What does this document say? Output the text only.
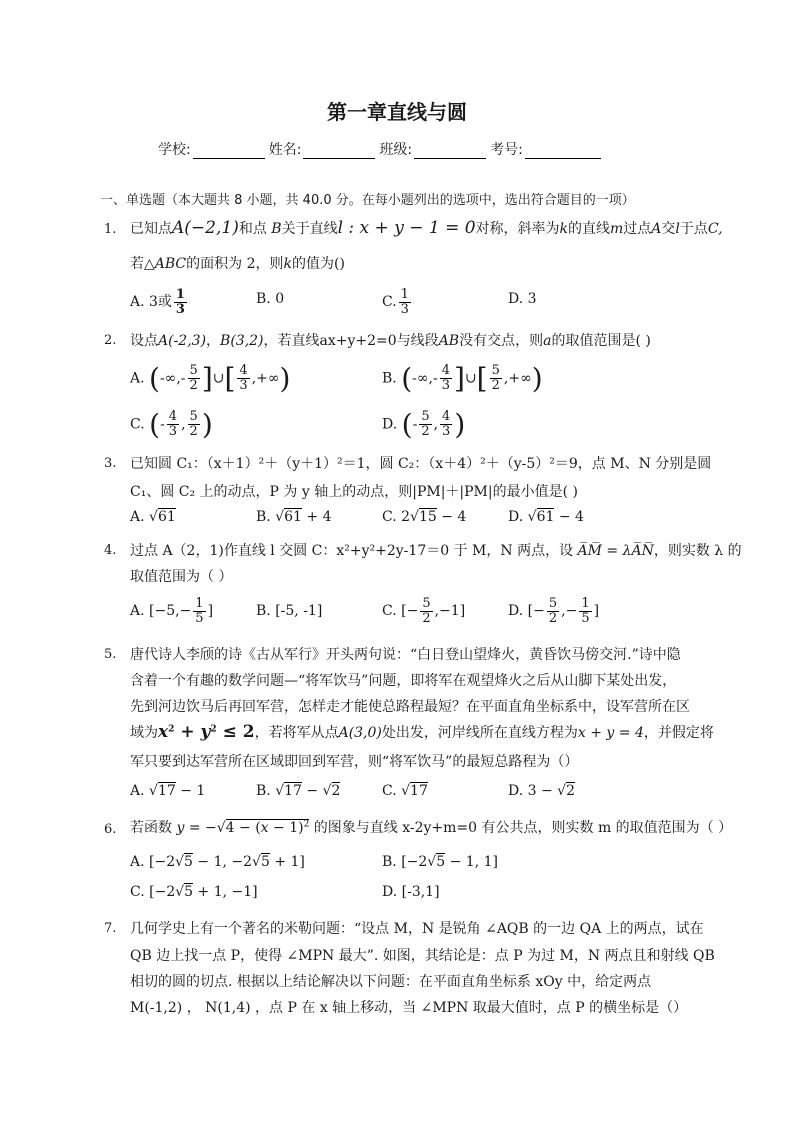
第一章直线与圆
学校:	姓名:	班级:	考号:
一、单选题（本大题共 8 小题，共 40.0 分。在每小题列出的选项中，选出符合题目的一项）
1. 已知点A(−2,1)和点 B关于直线l : x + y − 1 = 0对称，斜率为k的直线m过点A交l于点C,
若△ABC的面积为 2，则k的值为()
A. 3或 $\frac{1}{3}$	B. 0	C. $\frac{1}{3}$	D. 3
2. 设点A(-2,3)，B(3,2)，若直线ax+y+2=0与线段AB没有交点，则a的取值范围是( )
A. (-∞,- $\frac{5}{2}$ ]∪[ $\frac{4}{3}$ ,+∞)	B. (-∞,- $\frac{4}{3}$ ]∪[ $\frac{5}{2}$ ,+∞)
C. (- $\frac{4}{3}$ , $\frac{5}{2}$ )	D. (- $\frac{5}{2}$ , $\frac{4}{3}$ )
3. 已知圆 C₁：（x＋1）²＋（y＋1）²＝1，圆 C₂：（x＋4）²＋（y-5）²＝9，点 M、N 分别是圆
C₁、圆 C₂ 上的动点，P 为 y 轴上的动点，则|PM|＋|PM|的最小值是( )
A. √61	B. √61 + 4	C. 2√15 − 4	D. √61 − 4
4. 过点 A（2，1)作直线 l 交圆 C：x²+y²+2y-17＝0 于 M，N 两点，设 A̅M̅ = λA̅N̅，则实数 λ 的
取值范围为（ ）
A. [$-5,- \frac{1}{5}$ ]	B. [-5, -1]	C. [− $\frac{5}{2} ,-1$]	D. [− $\frac{5}{2}$ ,− $\frac{1}{5}$ ]
5. 唐代诗人李颀的诗《古从军行》开头两句说：“白日登山望烽火，黄昏饮马傍交河.”诗中隐
含着一个有趣的数学问题—“将军饮马”问题，即将军在观望烽火之后从山脚下某处出发，
先到河边饮马后再回军营，怎样走才能使总路程最短？在平面直角坐标系中，设军营所在区
域为$x^2 + y^2 \le 2$，若将军从点A(3,0)处出发，河岸线所在直线方程为x + y = 4，并假定将
军只要到达军营所在区域即回到军营，则“将军饮马”的最短总路程为（）
A. √17 − 1	B. √17 − √2	C. √17	D. 3 − √2
6. 若函数 $y = -√4 - (x - 1)^2$ 的图象与直线 x-2y+m=0 有公共点，则实数 m 的取值范围为（ ）
A. [−2√5 − 1, −2√5 + 1]	B. [−2√5 − 1, 1]
C. [−2√5 + 1, −1]	D. [-3,1]
7. 几何学史上有一个著名的米勒问题：“设点 M，N 是锐角 ∠AQB 的一边 QA 上的两点，试在
QB 边上找一点 P，使得 ∠MPN 最大”. 如图，其结论是：点 P 为过 M，N 两点且和射线 QB
相切的圆的切点. 根据以上结论解决以下问题：在平面直角坐标系 xOy 中，给定两点
M(-1,2) ， N(1,4) ，点 P 在 x 轴上移动，当 ∠MPN 取最大值时，点 P 的横坐标是（）
